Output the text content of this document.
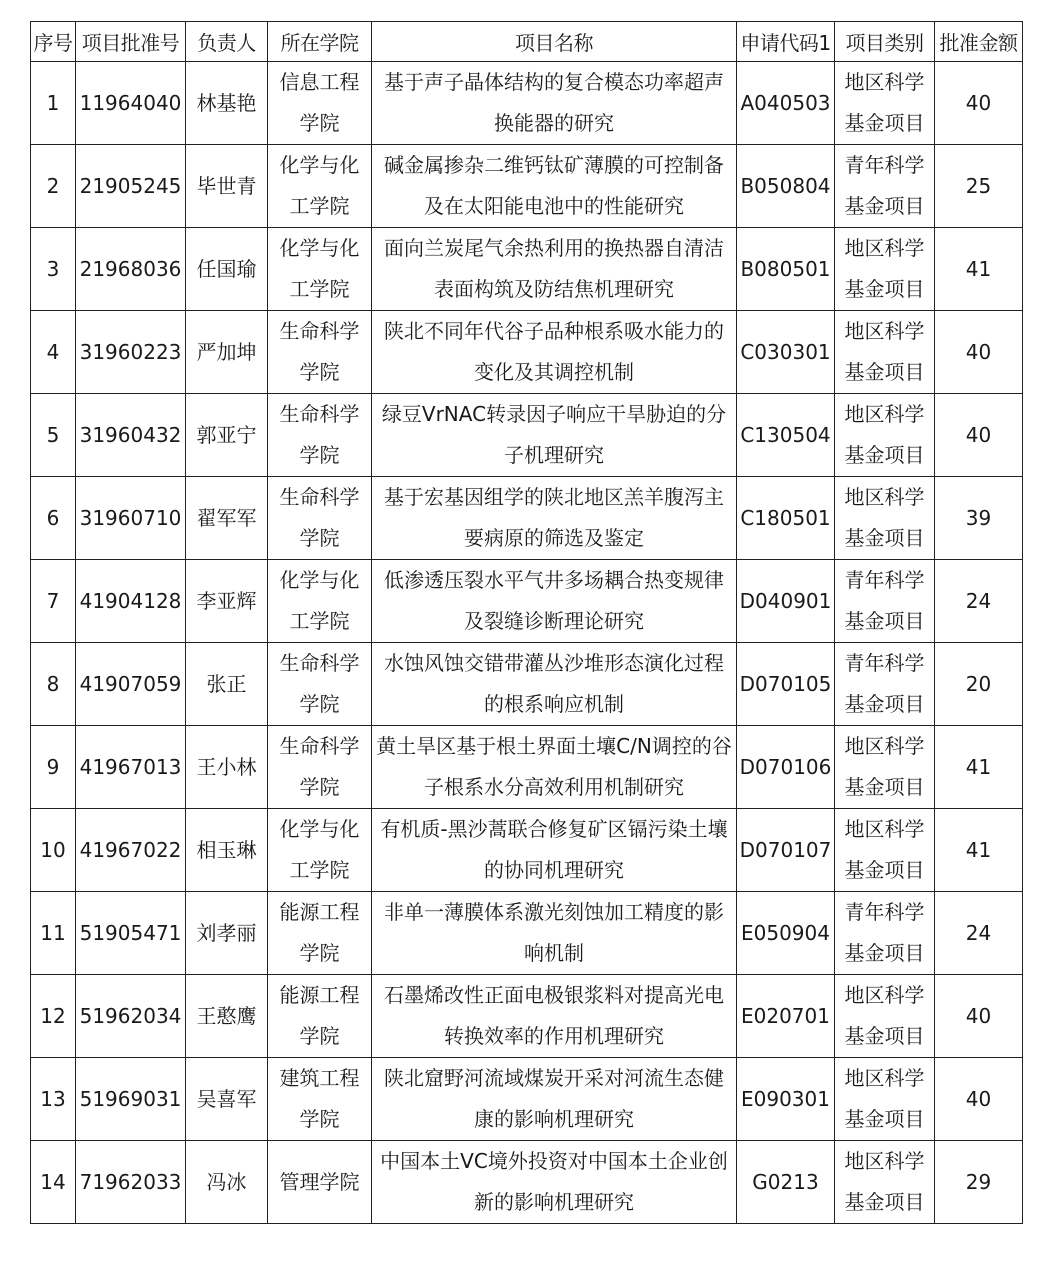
序号	项目批准号	负责人	所在学院	项目名称	申请代码1	项目类别	批准金额
1	11964040	林基艳	信息工程学院	基于声子晶体结构的复合模态功率超声换能器的研究	A040503	地区科学基金项目	40
2	21905245	毕世青	化学与化工学院	碱金属掺杂二维钙钛矿薄膜的可控制备及在太阳能电池中的性能研究	B050804	青年科学基金项目	25
3	21968036	任国瑜	化学与化工学院	面向兰炭尾气余热利用的换热器自清洁表面构筑及防结焦机理研究	B080501	地区科学基金项目	41
4	31960223	严加坤	生命科学学院	陕北不同年代谷子品种根系吸水能力的变化及其调控机制	C030301	地区科学基金项目	40
5	31960432	郭亚宁	生命科学学院	绿豆VrNAC转录因子响应干旱胁迫的分子机理研究	C130504	地区科学基金项目	40
6	31960710	翟军军	生命科学学院	基于宏基因组学的陕北地区羔羊腹泻主要病原的筛选及鉴定	C180501	地区科学基金项目	39
7	41904128	李亚辉	化学与化工学院	低渗透压裂水平气井多场耦合热变规律及裂缝诊断理论研究	D040901	青年科学基金项目	24
8	41907059	张正	生命科学学院	水蚀风蚀交错带灌丛沙堆形态演化过程的根系响应机制	D070105	青年科学基金项目	20
9	41967013	王小林	生命科学学院	黄土旱区基于根土界面土壤C/N调控的谷子根系水分高效利用机制研究	D070106	地区科学基金项目	41
10	41967022	相玉琳	化学与化工学院	有机质-黑沙蒿联合修复矿区镉污染土壤的协同机理研究	D070107	地区科学基金项目	41
11	51905471	刘孝丽	能源工程学院	非单一薄膜体系激光刻蚀加工精度的影响机制	E050904	青年科学基金项目	24
12	51962034	王憨鹰	能源工程学院	石墨烯改性正面电极银浆料对提高光电转换效率的作用机理研究	E020701	地区科学基金项目	40
13	51969031	吴喜军	建筑工程学院	陕北窟野河流域煤炭开采对河流生态健康的影响机理研究	E090301	地区科学基金项目	40
14	71962033	冯冰	管理学院	中国本土VC境外投资对中国本土企业创新的影响机理研究	G0213	地区科学基金项目	29
